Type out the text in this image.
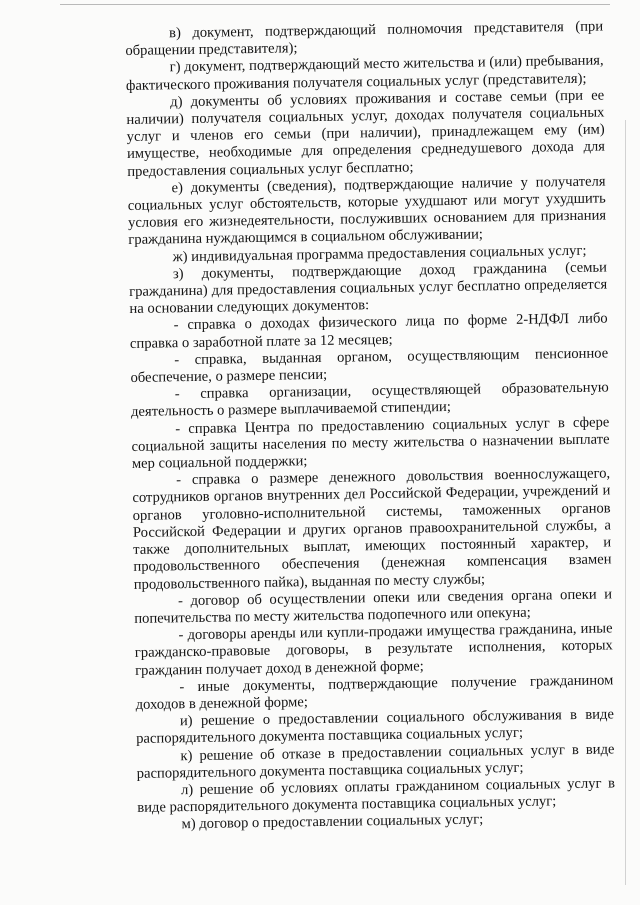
в) документ, подтверждающий полномочия представителя (при обращении представителя);

г) документ, подтверждающий место жительства и (или) пребывания, фактического проживания получателя социальных услуг (представителя);

д) документы об условиях проживания и составе семьи (при ее наличии) получателя социальных услуг, доходах получателя социальных услуг и членов его семьи (при наличии), принадлежащем ему (им) имуществе, необходимые для определения среднедушевого дохода для предоставления социальных услуг бесплатно;

е) документы (сведения), подтверждающие наличие у получателя социальных услуг обстоятельств, которые ухудшают или могут ухудшить условия его жизнедеятельности, послуживших основанием для признания гражданина нуждающимся в социальном обслуживании;

ж) индивидуальная программа предоставления социальных услуг;

з) документы, подтверждающие доход гражданина (семьи гражданина) для предоставления социальных услуг бесплатно определяется на основании следующих документов:

- справка о доходах физического лица по форме 2-НДФЛ либо справка о заработной плате за 12 месяцев;

- справка, выданная органом, осуществляющим пенсионное обеспечение, о размере пенсии;

- справка организации, осуществляющей образовательную деятельность о размере выплачиваемой стипендии;

- справка Центра по предоставлению социальных услуг в сфере социальной защиты населения по месту жительства о назначении выплате мер социальной поддержки;

- справка о размере денежного довольствия военнослужащего, сотрудников органов внутренних дел Российской Федерации, учреждений и органов уголовно-исполнительной системы, таможенных органов Российской Федерации и других органов правоохранительной службы, а также дополнительных выплат, имеющих постоянный характер, и продовольственного обеспечения (денежная компенсация взамен продовольственного пайка), выданная по месту службы;

- договор об осуществлении опеки или сведения органа опеки и попечительства по месту жительства подопечного или опекуна;

- договоры аренды или купли-продажи имущества гражданина, иные гражданско-правовые договоры, в результате исполнения, которых гражданин получает доход в денежной форме;

- иные документы, подтверждающие получение гражданином доходов в денежной форме;

и) решение о предоставлении социального обслуживания в виде распорядительного документа поставщика социальных услуг;

к) решение об отказе в предоставлении социальных услуг в виде распорядительного документа поставщика социальных услуг;

л) решение об условиях оплаты гражданином социальных услуг в виде распорядительного документа поставщика социальных услуг;

м) договор о предоставлении социальных услуг;
